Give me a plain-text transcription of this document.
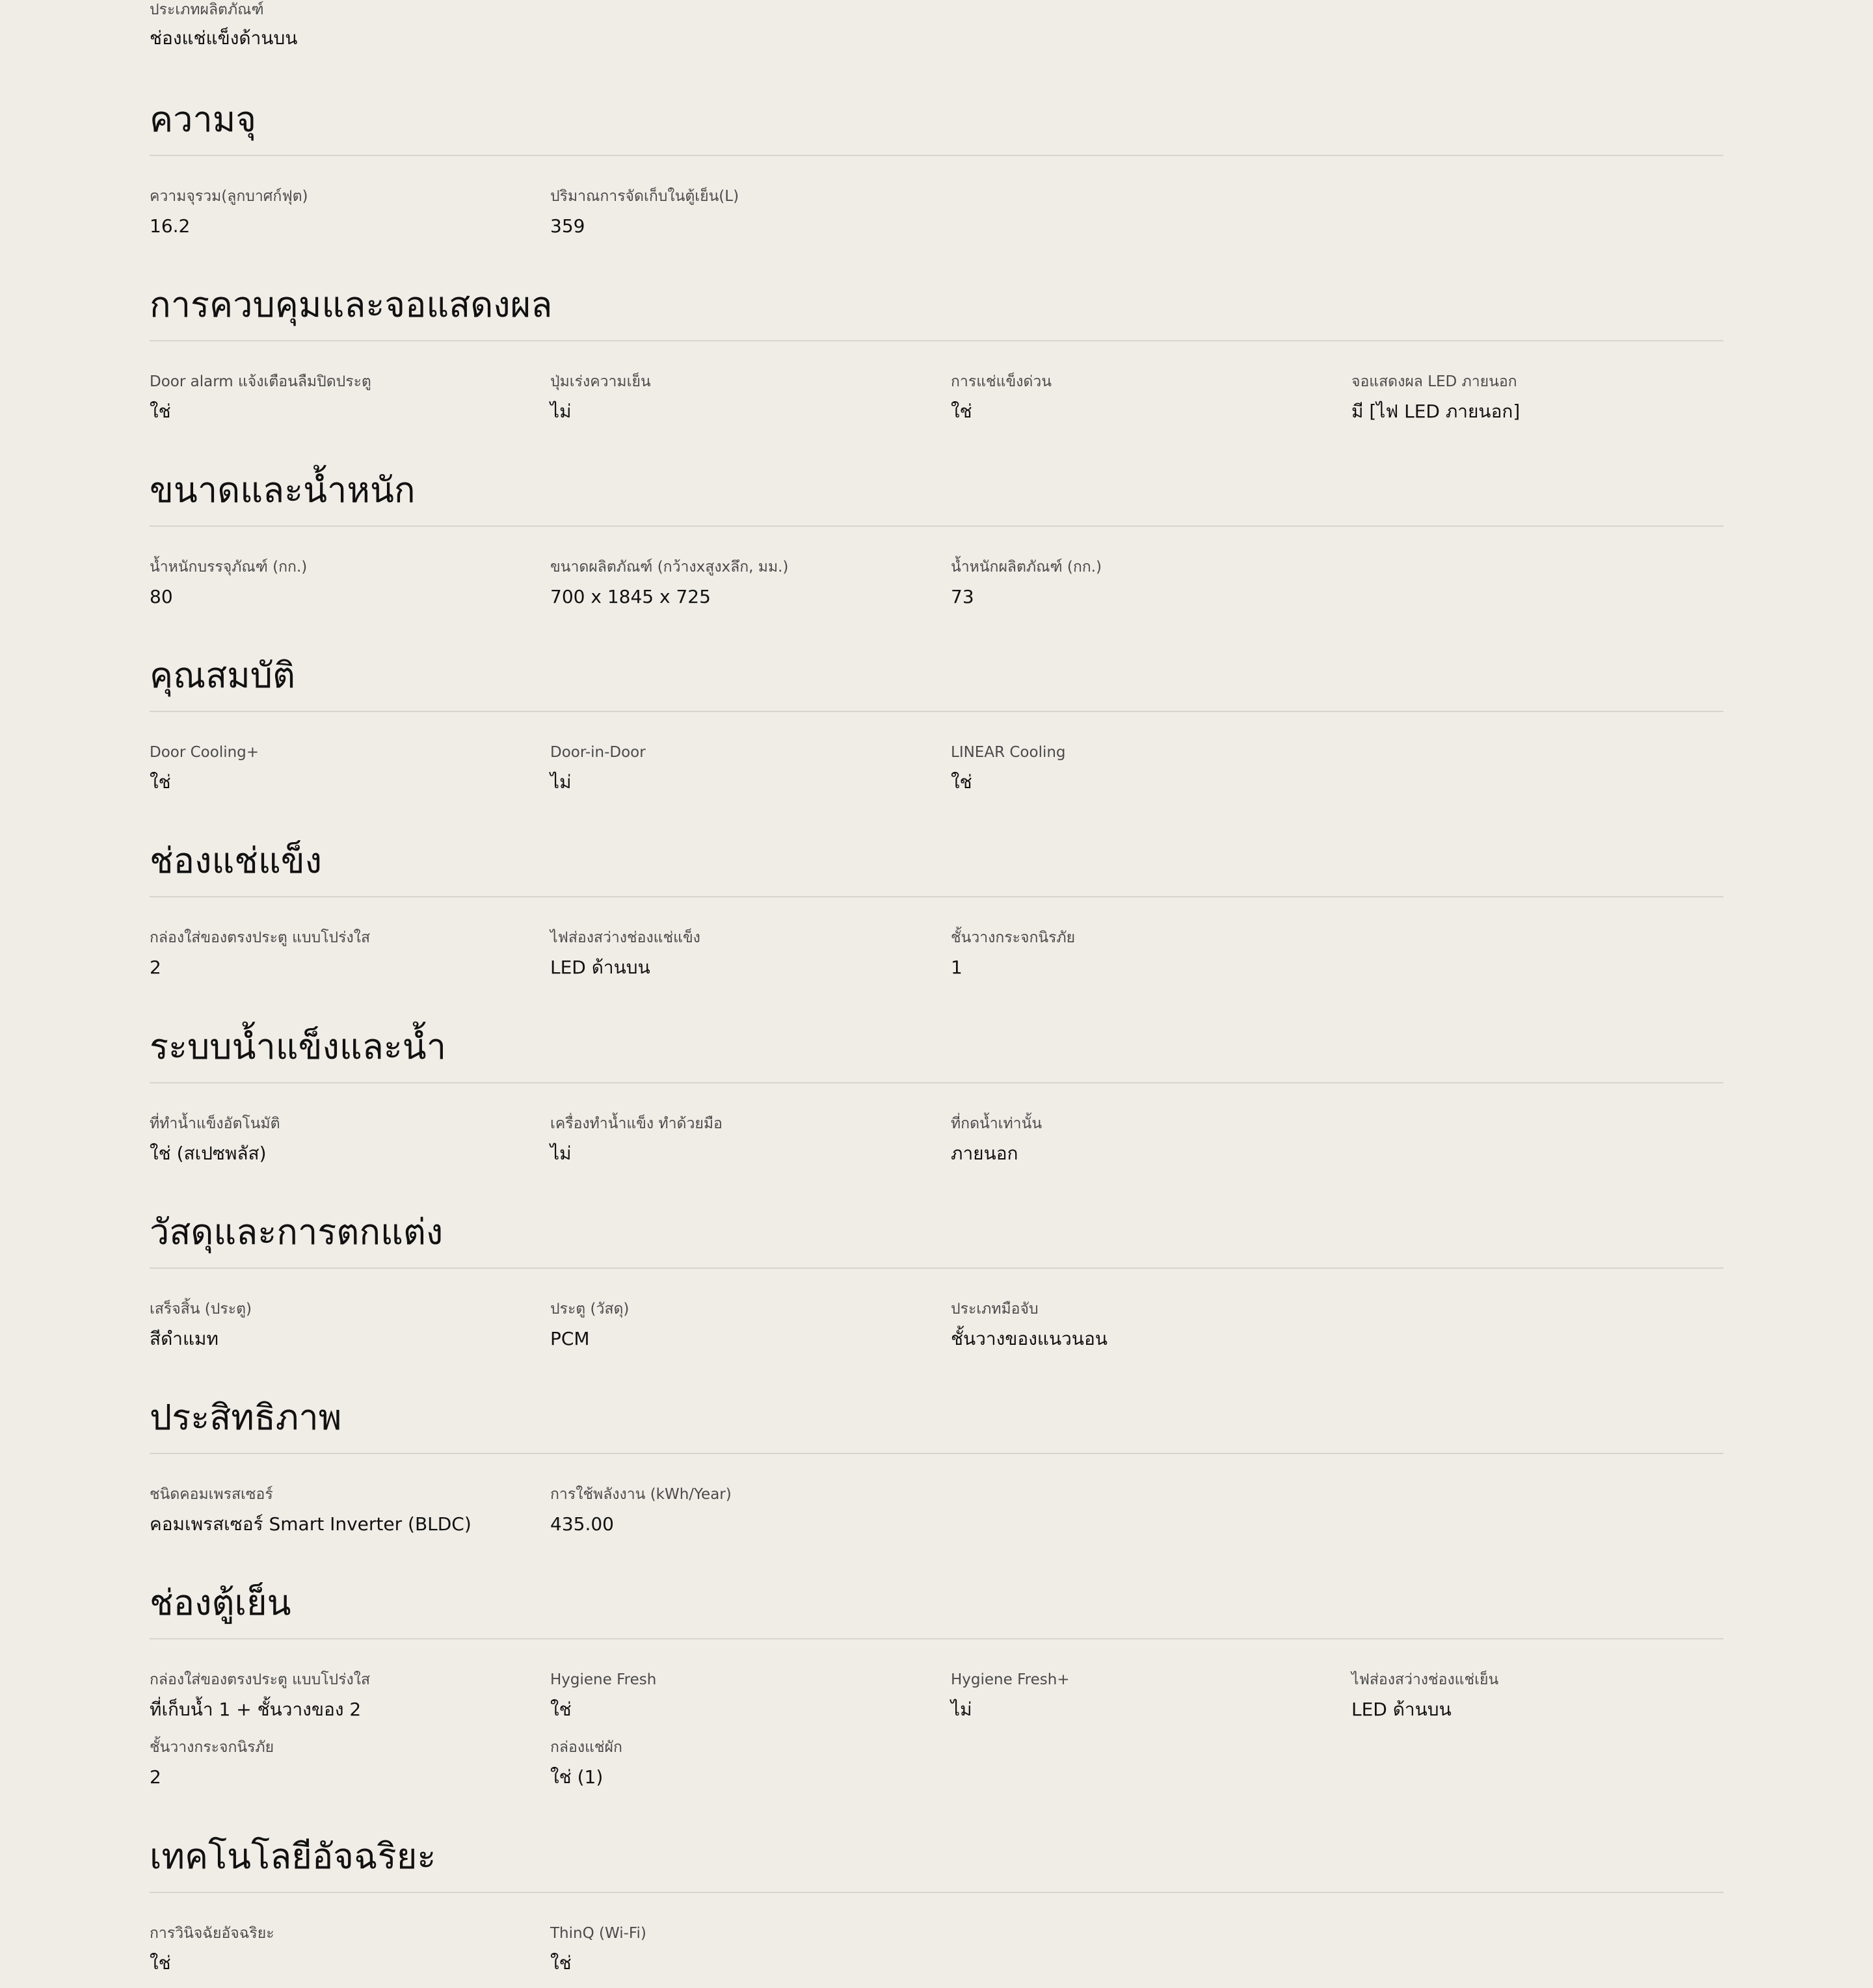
ประเภทผลิตภัณฑ์
ช่องแช่แข็งด้านบน
ความจุ
ความจุรวม(ลูกบาศก์ฟุต)
16.2
ปริมาณการจัดเก็บในตู้เย็น(L)
359
การควบคุมและจอแสดงผล
Door alarm แจ้งเตือนลืมปิดประตู
ใช่
ปุ่มเร่งความเย็น
ไม่
การแช่แข็งด่วน
ใช่
จอแสดงผล LED ภายนอก
มี [ไฟ LED ภายนอก]
ขนาดและน้ำหนัก
น้ำหนักบรรจุภัณฑ์ (กก.)
80
ขนาดผลิตภัณฑ์ (กว้างxสูงxลึก, มม.)
700 x 1845 x 725
น้ำหนักผลิตภัณฑ์ (กก.)
73
คุณสมบัติ
Door Cooling+
ใช่
Door-in-Door
ไม่
LINEAR Cooling
ใช่
ช่องแช่แข็ง
กล่องใส่ของตรงประตู แบบโปร่งใส
2
ไฟส่องสว่างช่องแช่แข็ง
LED ด้านบน
ชั้นวางกระจกนิรภัย
1
ระบบน้ำแข็งและน้ำ
ที่ทำน้ำแข็งอัตโนมัติ
ใช่ (สเปซพลัส)
เครื่องทำน้ำแข็ง ทำด้วยมือ
ไม่
ที่กดน้ำเท่านั้น
ภายนอก
วัสดุและการตกแต่ง
เสร็จสิ้น (ประตู)
สีดำแมท
ประตู (วัสดุ)
PCM
ประเภทมือจับ
ชั้นวางของแนวนอน
ประสิทธิภาพ
ชนิดคอมเพรสเซอร์
คอมเพรสเซอร์ Smart Inverter (BLDC)
การใช้พลังงาน (kWh/Year)
435.00
ช่องตู้เย็น
กล่องใส่ของตรงประตู แบบโปร่งใส
ที่เก็บน้ำ 1 + ชั้นวางของ 2
Hygiene Fresh
ใช่
Hygiene Fresh+
ไม่
ไฟส่องสว่างช่องแช่เย็น
LED ด้านบน
ชั้นวางกระจกนิรภัย
2
กล่องแช่ผัก
ใช่ (1)
เทคโนโลยีอัจฉริยะ
การวินิจฉัยอัจฉริยะ
ใช่
ThinQ (Wi-Fi)
ใช่
